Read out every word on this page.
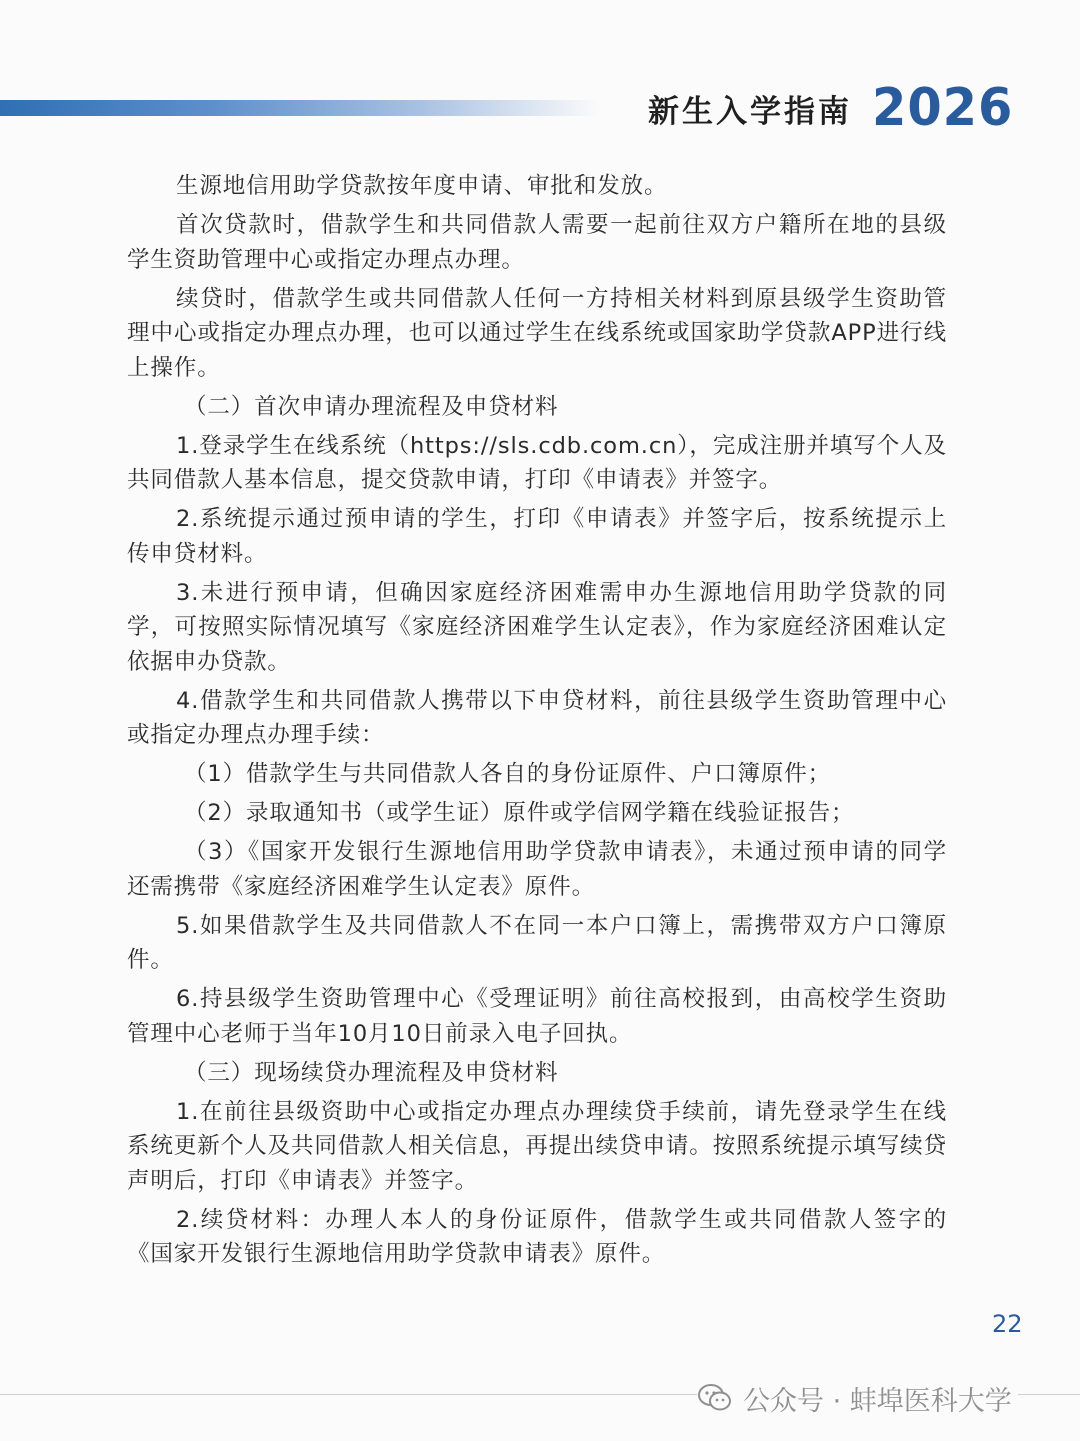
新生入学指南 2026

生源地信用助学贷款按年度申请、审批和发放。

首次贷款时，借款学生和共同借款人需要一起前往双方户籍所在地的县级学生资助管理中心或指定办理点办理。

续贷时，借款学生或共同借款人任何一方持相关材料到原县级学生资助管理中心或指定办理点办理，也可以通过学生在线系统或国家助学贷款APP进行线上操作。

（二）首次申请办理流程及申贷材料

1.登录学生在线系统（https://sls.cdb.com.cn），完成注册并填写个人及共同借款人基本信息，提交贷款申请，打印《申请表》并签字。

2.系统提示通过预申请的学生，打印《申请表》并签字后，按系统提示上传申贷材料。

3.未进行预申请，但确因家庭经济困难需申办生源地信用助学贷款的同学，可按照实际情况填写《家庭经济困难学生认定表》，作为家庭经济困难认定依据申办贷款。

4.借款学生和共同借款人携带以下申贷材料，前往县级学生资助管理中心或指定办理点办理手续：

（1）借款学生与共同借款人各自的身份证原件、户口簿原件；

（2）录取通知书（或学生证）原件或学信网学籍在线验证报告；

（3）《国家开发银行生源地信用助学贷款申请表》，未通过预申请的同学还需携带《家庭经济困难学生认定表》原件。

5.如果借款学生及共同借款人不在同一本户口簿上，需携带双方户口簿原件。

6.持县级学生资助管理中心《受理证明》前往高校报到，由高校学生资助管理中心老师于当年10月10日前录入电子回执。

（三）现场续贷办理流程及申贷材料

1.在前往县级资助中心或指定办理点办理续贷手续前，请先登录学生在线系统更新个人及共同借款人相关信息，再提出续贷申请。按照系统提示填写续贷声明后，打印《申请表》并签字。

2.续贷材料：办理人本人的身份证原件，借款学生或共同借款人签字的《国家开发银行生源地信用助学贷款申请表》原件。

22
公众号 · 蚌埠医科大学
